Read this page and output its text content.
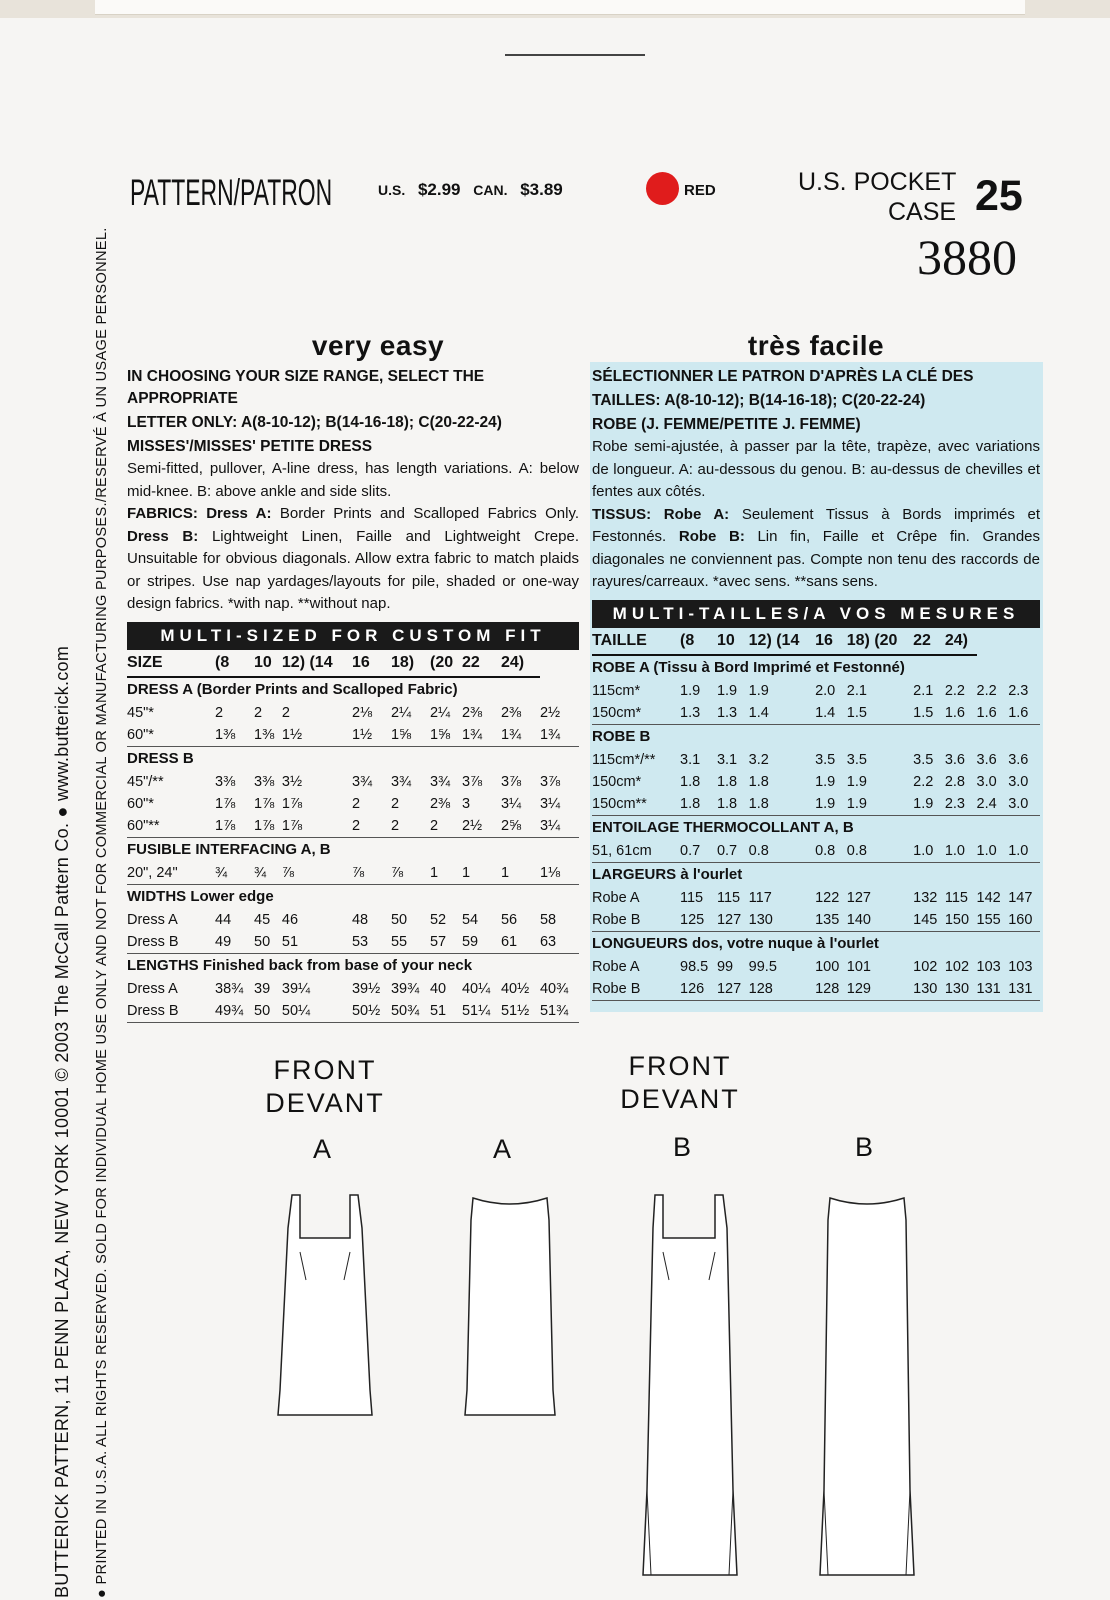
PATTERN/PATRON	U.S. $2.99 CAN. $3.89	RED	U.S. POCKET
CASE 25
3880
BUTTERICK PATTERN, 11 PENN PLAZA, NEW YORK 10001 © 2003 The McCall Pattern Co. ● www.butterick.com	● PRINTED IN U.S.A. ALL RIGHTS RESERVED. SOLD FOR INDIVIDUAL HOME USE ONLY AND NOT FOR COMMERCIAL OR MANUFACTURING PURPOSES./RESERVÉ À UN USAGE PERSONNEL.	very easy
IN CHOOSING YOUR SIZE RANGE, SELECT THE APPROPRIATE
LETTER ONLY: A(8-10-12); B(14-16-18); C(20-22-24)
MISSES'/MISSES' PETITE DRESS
Semi-fitted, pullover, A-line dress, has length variations. A: below mid-knee. B: above ankle and side slits.
FABRICS: Dress A: Border Prints and Scalloped Fabrics Only. Dress B: Lightweight Linen, Faille and Lightweight Crepe. Unsuitable for obvious diagonals. Allow extra fabric to match plaids or stripes. Use nap yardages/layouts for pile, shaded or one-way design fabrics. *with nap. **without nap.
MULTI-SIZED FOR CUSTOM FIT
SIZE	(8	10	12) (14	16	18)	(20	22	24)	
DRESS A (Border Prints and Scalloped Fabric)									
45"*	2	2	2	2⅛	2¼	2¼	2⅜	2⅜	2½
60"*	1⅜	1⅜	1½	1½	1⅝	1⅝	1¾	1¾	1¾
DRESS B									
45"/**	3⅜	3⅜	3½	3¾	3¾	3¾	3⅞	3⅞	3⅞
60"*	1⅞	1⅞	1⅞	2	2	2⅜	3	3¼	3¼
60"**	1⅞	1⅞	1⅞	2	2	2	2½	2⅝	3¼
FUSIBLE INTERFACING A, B									
20", 24"	¾	¾	⅞	⅞	⅞	1	1	1	1⅛
WIDTHS Lower edge									
Dress A	44	45	46	48	50	52	54	56	58
Dress B	49	50	51	53	55	57	59	61	63
LENGTHS Finished back from base of your neck									
Dress A	38¾	39	39¼	39½	39¾	40	40¼	40½	40¾
Dress B	49¾	50	50¼	50½	50¾	51	51¼	51½	51¾
très facile
SÉLECTIONNER LE PATRON D'APRÈS LA CLÉ DES
TAILLES: A(8-10-12); B(14-16-18); C(20-22-24)
ROBE (J. FEMME/PETITE J. FEMME)
Robe semi-ajustée, à passer par la tête, trapèze, avec variations de longueur. A: au-dessous du genou. B: au-dessus de chevilles et fentes aux côtés.
TISSUS: Robe A: Seulement Tissus à Bords imprimés et Festonnés. Robe B: Lin fin, Faille et Crêpe fin. Grandes diagonales ne conviennent pas. Compte non tenu des raccords de rayures/carreaux. *avec sens. **sans sens.
MULTI-TAILLES/A VOS MESURES
TAILLE	(8	10	12) (14	16	18) (20	22	24)		
ROBE A (Tissu à Bord Imprimé et Festonné)									
115cm*	1.9	1.9	1.9	2.0	2.1	2.1	2.2	2.2	2.3
150cm*	1.3	1.3	1.4	1.4	1.5	1.5	1.6	1.6	1.6
ROBE B									
115cm*/**	3.1	3.1	3.2	3.5	3.5	3.5	3.6	3.6	3.6
150cm*	1.8	1.8	1.8	1.9	1.9	2.2	2.8	3.0	3.0
150cm**	1.8	1.8	1.8	1.9	1.9	1.9	2.3	2.4	3.0
ENTOILAGE THERMOCOLLANT A, B									
51, 61cm	0.7	0.7	0.8	0.8	0.8	1.0	1.0	1.0	1.0
LARGEURS à l'ourlet									
Robe A	115	115	117	122	127	132	115	142	147
Robe B	125	127	130	135	140	145	150	155	160
LONGUEURS dos, votre nuque à l'ourlet									
Robe A	98.5	99	99.5	100	101	102	102	103	103
Robe B	126	127	128	128	129	130	130	131	131
FRONT
DEVANT
FRONT
DEVANT
A	A	B	B
